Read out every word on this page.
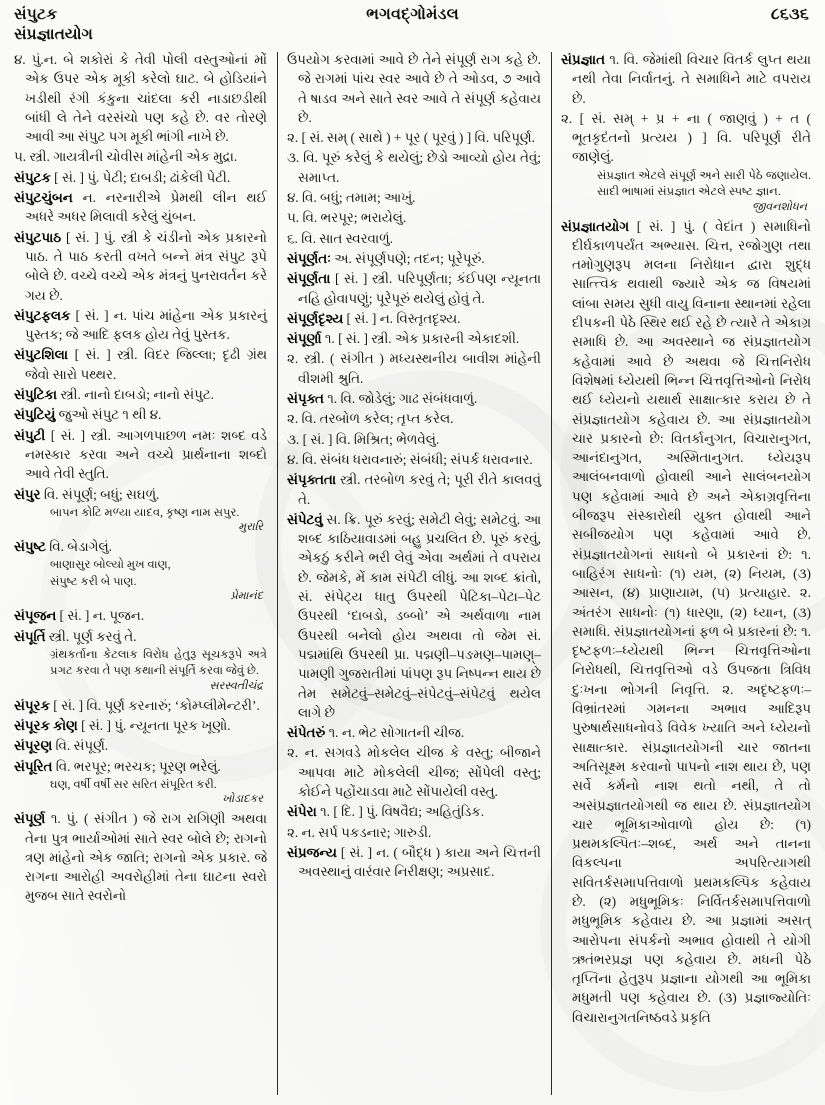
સંપુટક
સંપ્રજ્ઞાતયોગ
ભગવદ્ગોમંડલ	૮૬૩૬
૪. પું.ન. બે શકોરાં કે તેવી પોલી વસ્તુઓનાં મોં એક ઉપર એક મૂકી કરેલો ઘાટ. બે હોડિયાંને ખડીથી રંગી કંકુના ચાંદલા કરી નાડાછડીથી બાંધી લે તેને વરસંચો પણ કહે છે. વર તોરણે આવી આ સંપુટ પગ મૂકી ભાંગી નાખે છે.
૫. સ્ત્રી. ગાયત્રીની ચોવીસ માંહેની એક મુદ્રા.
સંપુટક [ સં. ] પું. પેટી; દાબડી; ઢાંકેલી પેટી.
સંપુટચુંબન ન. નરનારીએ પ્રેમથી લીન થઈ અધરે અધર મિલાવી કરેલું ચુંબન.
સંપુટપાઠ [ સં. ] પું. સ્ત્રી કે ચંડીનો એક પ્રકારનો પાઠ. તે પાઠ કરતી વખતે બન્ને મંત્ર સંપુટ રૂપે બોલે છે. વચ્ચે વચ્ચે એક મંત્રનું પુનરાવર્તન કરે ગય છે.
સંપુટફલક [ સં. ] ન. પાંચ માંહેના એક પ્રકારનું પુસ્તક; જે આદિ ફલક હોય તેવું પુસ્તક.
સંપુટશિલા [ સં. ] સ્ત્રી. વિદર જિલ્લા; દૃઢી ગ્રંથ જેવો સારો પથ્થર.
સંપુટિકા સ્ત્રી. નાનો દાબડો; નાનો સંપુટ.
સંપુટિયું જુઓ સંપુટ ૧ થી ૪.
સંપુટી [ સં. ] સ્ત્રી. આગળપાછળ નમઃ શબ્દ વડે નમસ્કાર કરવા અને વચ્ચે પ્રાર્થનાના શબ્દો આવે તેવી સ્તુતિ.
સંપુર વિ. સંપૂર્ણ; બધું; સઘળું.
બાપન કોટિ મળ્યા યાદવ, કૃષ્ણ નામ સપુર.
મુરારિ
સંપુષ્ટ વિ. બેડાગેલું.
બાણાસુર બોલ્યો મુખ વાણ,
સંપુષ્ટ કરી બે પાણ.
પ્રેમાનંદ
સંપૂજન [ સં. ] ન. પૂજન.
સંપૂર્તિ સ્ત્રી. પૂર્ણ કરવું તે.
ગ્રંથકર્તાના કેટલાક વિરોધ હેતુરૂ સૂચકરૂપે અત્રે પ્રગટ કરવા તે પણ કથાની સંપૂર્તિ કરવા જેવું છે.
સરસ્વતીચંદ્ર
સંપૂરક [ સં. ] વિ. પૂર્ણ કરનારું; ‘કોમ્પ્લીમેન્ટરી’.
સંપૂરક કોણ [ સં. ] પું. ન્યૂનતા પૂરક ખૂણો.
સંપૂરણ વિ. સંપૂર્ણ.
સંપૂરિત વિ. ભરપૂર; ભરચક; પૂરણ ભરેલું.
ઘણ, વર્ષી વર્ષી સર સરિત સંપૂરિત કરી.
ખોડાદકર
સંપૂર્ણ ૧. પું. ( સંગીત ) જે રાગ રાગિણી અથવા તેના પુત્ર ભાર્યાઓમાં સાતે સ્વર બોલે છે; રાગનો ત્રણ માંહેનો એક જાતિ; રાગનો એક પ્રકાર. જે રાગના આરોહી અવરોહીમાં તેના ઘાટના સ્વરો મુજબ સાતે સ્વરોનો
ઉપયોગ કરવામાં આવે છે તેને સંપૂર્ણ રાગ કહે છે. જે રાગમાં પાંચ સ્વર આવે છે તે ઓડવ, ૭ આવે તે ષાડવ અને સાતે સ્વર આવે તે સંપૂર્ણ કહેવાય છે.
૨. [ સં. સમ્ ( સાથે ) + પૂર ( પૂરવું ) ] વિ. પરિપૂર્ણ.
૩. વિ. પૂરું કરેલું કે થયેલું; છેડો આવ્યો હોય તેવું; સમાપ્ત.
૪. વિ. બધું; તમામ; આખું.
૫. વિ. ભરપૂર; ભરાયેલું.
૬. વિ. સાત સ્વરવાળું.
સંપૂર્ણતઃ અ. સંપૂર્ણપણે; તદન; પૂરેપૂરું.
સંપૂર્ણતા [ સં. ] સ્ત્રી. પરિપૂર્ણતા; કંઈપણ ન્યૂનતા નહિ હોવાપણું; પૂરેપૂરું થયેલું હોવું તે.
સંપૂર્ણદૃશ્ય [ સં. ] ન. વિસ્તૃતદૃશ્ય.
સંપૂર્ણા ૧. [ સં. ] સ્ત્રી. એક પ્રકારની એકાદશી.
૨. સ્ત્રી. ( સંગીત ) મધ્યસ્થનીય બાવીશ માંહેની વીશમી શ્રુતિ.
સંપૃક્ત ૧. વિ. જોડેલું; ગાઢ સંબંધવાળું.
૨. વિ. તરબોળ કરેલ; તૃપ્ત કરેલ.
૩. [ સં. ] વિ. મિશ્રિત; ભેળવેલું.
૪. વિ. સંબંધ ધરાવનારું; સંબંધી; સંપર્ક ધરાવનાર.
સંપૃક્તતા સ્ત્રી. તરબોળ કરવું તે; પૂરી રીતે કાલવવું તે.
સંપેટવું સ. ક્રિ. પૂરું કરવું; સમેટી લેવું; સમેટવું. આ શબ્દ કાઠિયાવાડમાં બહુ પ્રચલિત છે. પૂરું કરવું, એકઠું કરીને ભરી લેવું એવા અર્થમાં તે વપરાય છે. જેમકે, મેં કામ સંપેટી લીધું. આ શબ્દ ક્રાંતો, સં. સંપેટ્ય ધાતુ ઉપરથી પેટિકા–પેટા–પેટ ઉપરથી ‘દાબડો, ડબ્બો’ એ અર્થવાળા નામ ઉપરથી બનેલો હોય અથવા તો જેમ સં. પદ્મમાંથિ ઉપરથી પ્રા. પદ્મણી–પઙમણ–પામણ્–પામણી ગુજરાતીમાં પાંપણ રૂપ નિષ્પન્ન થાય છે તેમ સમેટવું–સમેટવું–સંપેટવું–સંપેટવું થયેલ લાગે છે
સંપેતરું ૧. ન. ભેટ સોગાતની ચીજ.
૨. ન. સગવડે મોકલેલ ચીજ કે વસ્તુ; બીજાને આપવા માટે મોકલેલી ચીજ; સોંપેલી વસ્તુ; કોઈને પહોંચાડવા માટે સોંપાયેલી વસ્તુ.
સંપેરા ૧. [ દિ. ] પું. વિષવૈદ્ય; અહિતુંડિક.
૨. ન. સર્પ પકડનાર; ગારુડી.
સંપ્રજન્ય [ સં. ] ન. ( બૌદ્ધ ) કાયા અને ચિત્તની અવસ્થાનું વારંવાર નિરીક્ષણ; અપ્રસાદ.
સંપ્રજ્ઞાત ૧. વિ. જેમાંથી વિચાર વિતર્ક લુપ્ત થયા નથી તેવા નિર્વાતનું. તે સમાધિને માટે વપરાય છે.
૨. [ સં. સમ્ + પ્ર + ના ( જાણવું ) + ત ( ભૂતકૃદંતનો પ્રત્યય ) ] વિ. પરિપૂર્ણ રીતે જાણેલું.
સંપ્રજ્ઞાત એટલે સંપૂર્ણ અને સારી પેઠે જણાયેલ. સાદી ભાષામાં સંપ્રજ્ઞાત એટલે સ્પષ્ટ જ્ઞાન.
જીવનશોધન
સંપ્રજ્ઞાતયોગ [ સં. ] પું. ( વેદાંત ) સમાધિનો દીર્ઘકાળપર્યંત અભ્યાસ. ચિત્ત, રજોગુણ તથા તમોગુણરૂપ મલના નિરોધાન દ્વારા શુદ્ધ સાત્ત્વિક થવાથી જ્યારે એક જ વિષયમાં લાંબા સમય સુધી વાયુ વિનાના સ્થાનમાં રહેલા દીપકની પેઠે સ્થિર થઈ રહે છે ત્યારે તે એકાગ્ર સમાધિ છે. આ અવસ્થાને જ સંપ્રજ્ઞાતયોગ કહેવામાં આવે છે અથવા જે ચિત્તનિરોધ વિશેષમાં ધ્યેયથી ભિન્ન ચિત્તવૃત્તિઓનો નિરોધ થઈ ધ્યેયનો યથાર્થ સાક્ષાત્કાર કરાય છે તે સંપ્રજ્ઞાતયોગ કહેવાય છે. આ સંપ્રજ્ઞાતયોગ ચાર પ્રકારનો છે: વિતર્કાનુગત, વિચારાનુગત, આનંદાનુગત, અસ્મિતાનુગત. ધ્યેયરૂપ આલંબનવાળો હોવાથી આને સાલંબનયોગ પણ કહેવામાં આવે છે અને એકાગ્રવૃત્તિના બીજરૂપ સંસ્કારોથી યુક્ત હોવાથી આને સબીજયોગ પણ કહેવામાં આવે છે. સંપ્રજ્ઞાતયોગનાં સાધનો બે પ્રકારનાં છે: ૧. બાહિરંગ સાધનોઃ (૧) યમ, (૨) નિયમ, (૩) આસન, (૪) પ્રાણાયામ, (૫) પ્રત્યાહાર. ૨. અંતરંગ સાધનોઃ (૧) ધારણા, (૨) ધ્યાન, (૩) સમાધિ. સંપ્રજ્ઞાતયોગનાં ફળ બે પ્રકારનાં છે: ૧. દૃષ્ટફળઃ–ધ્યેયથી ભિન્ન ચિત્તવૃત્તિઓના નિરોધથી, ચિત્તવૃત્તિઓ વડે ઉપજતા ત્રિવિધ દુઃખના ભોગની નિવૃત્તિ. ૨. અદૃષ્ટફળઃ–વિભ્રાંતરમાં ગમનના અભાવ આદિરૂપ પુરુષાર્થસાધનોવડે વિવેક ખ્યાતિ અને ધ્યેયનો સાક્ષાત્કાર. સંપ્રજ્ઞાતયોગની ચાર જાતના અતિસૂક્ષ્મ કરવાનો પાપનો નાશ થાય છે, પણ સર્વે કર્મનો નાશ થતો નથી, તે તો અસંપ્રજ્ઞાતયોગથી જ થાય છે. સંપ્રજ્ઞાતયોગ ચાર ભૂમિકાઓવાળો હોય છે: (૧) પ્રથમકલ્પિતઃ–શબ્દ, અર્થ અને તાનના વિકલ્પના અપરિત્યાગથી સવિતર્કસમાપત્તિવાળો પ્રથમકલ્પિક કહેવાય છે. (૨) મધુભૂમિકઃ નિર્વિતર્કસમાપત્તિવાળો મધુભૂમિક કહેવાય છે. આ પ્રજ્ઞામાં અસત્ આરોપના સંપર્કનો અભાવ હોવાથી તે યોગી ઋતંભરપ્રજ્ઞ પણ કહેવાય છે. મધની પેઠે તૃપ્તિના હેતુરૂપ પ્રજ્ઞાના યોગથી આ ભૂમિકા મધુમતી પણ કહેવાય છે. (૩) પ્રજ્ઞાજ્યોતિઃ વિચારાનુગતનિષ્ઠવડે પ્રકૃતિ
